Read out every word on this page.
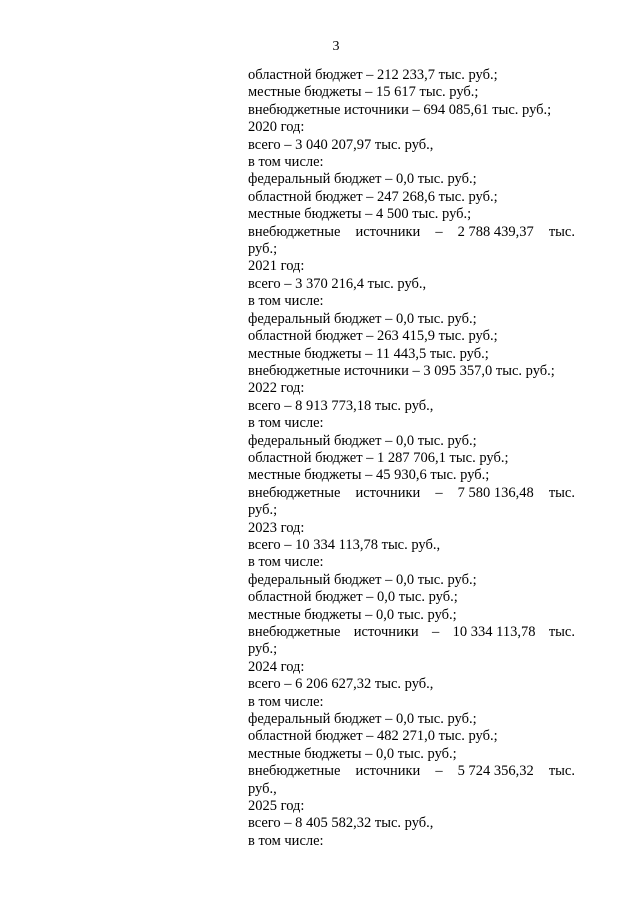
3
областной бюджет – 212 233,7 тыс. руб.;
местные бюджеты – 15 617 тыс. руб.;
внебюджетные источники – 694 085,61 тыс. руб.;
2020 год:
всего – 3 040 207,97 тыс. руб.,
в том числе:
федеральный бюджет – 0,0 тыс. руб.;
областной бюджет – 247 268,6 тыс. руб.;
местные бюджеты – 4 500 тыс. руб.;
внебюджетные источники – 2 788 439,37 тыс.
руб.;
2021 год:
всего – 3 370 216,4 тыс. руб.,
в том числе:
федеральный бюджет – 0,0 тыс. руб.;
областной бюджет – 263 415,9 тыс. руб.;
местные бюджеты – 11 443,5 тыс. руб.;
внебюджетные источники – 3 095 357,0 тыс. руб.;
2022 год:
всего – 8 913 773,18 тыс. руб.,
в том числе:
федеральный бюджет – 0,0 тыс. руб.;
областной бюджет – 1 287 706,1 тыс. руб.;
местные бюджеты – 45 930,6 тыс. руб.;
внебюджетные источники – 7 580 136,48 тыс.
руб.;
2023 год:
всего – 10 334 113,78 тыс. руб.,
в том числе:
федеральный бюджет – 0,0 тыс. руб.;
областной бюджет – 0,0 тыс. руб.;
местные бюджеты – 0,0 тыс. руб.;
внебюджетные источники – 10 334 113,78 тыс.
руб.;
2024 год:
всего – 6 206 627,32 тыс. руб.,
в том числе:
федеральный бюджет – 0,0 тыс. руб.;
областной бюджет – 482 271,0 тыс. руб.;
местные бюджеты – 0,0 тыс. руб.;
внебюджетные источники – 5 724 356,32 тыс.
руб.,
2025 год:
всего – 8 405 582,32 тыс. руб.,
в том числе:
